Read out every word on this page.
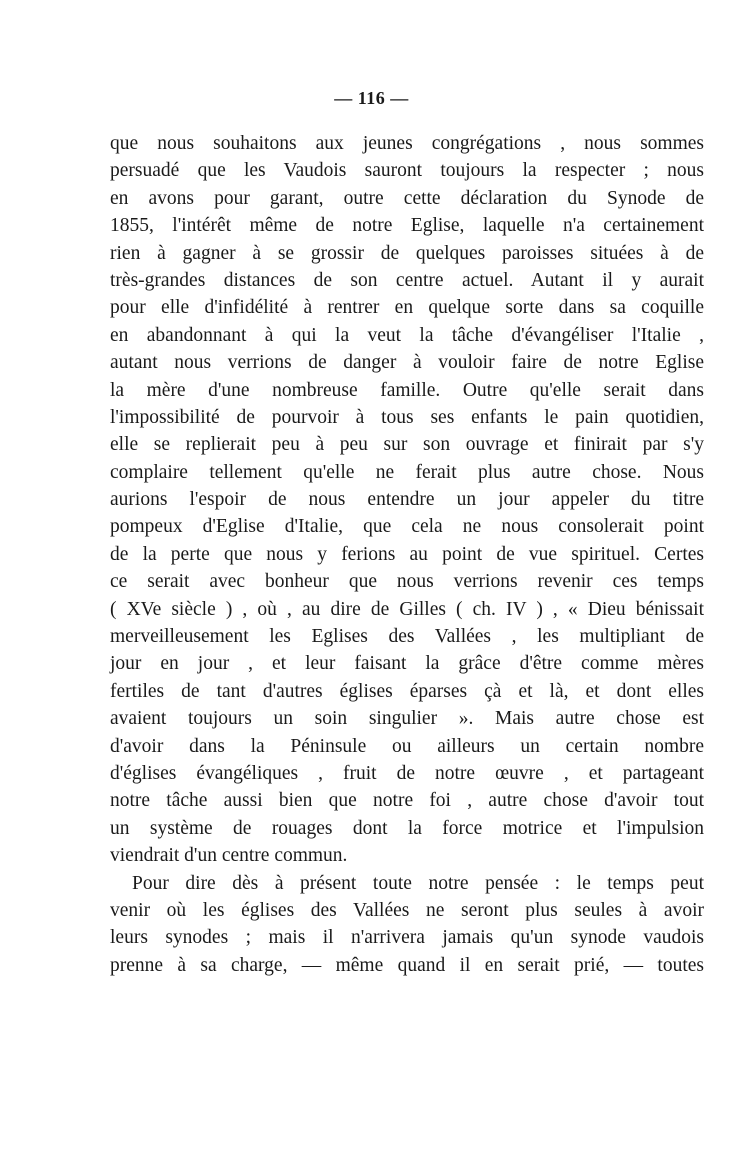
— 116 —
que nous souhaitons aux jeunes congrégations , nous sommes
persuadé que les Vaudois sauront toujours la respecter ; nous
en avons pour garant, outre cette déclaration du Synode de
1855, l'intérêt même de notre Eglise, laquelle n'a certainement
rien à gagner à se grossir de quelques paroisses situées à de
très-grandes distances de son centre actuel. Autant il y aurait
pour elle d'infidélité à rentrer en quelque sorte dans sa coquille
en abandonnant à qui la veut la tâche d'évangéliser l'Italie ,
autant nous verrions de danger à vouloir faire de notre Eglise
la mère d'une nombreuse famille. Outre qu'elle serait dans
l'impossibilité de pourvoir à tous ses enfants le pain quotidien,
elle se replierait peu à peu sur son ouvrage et finirait par s'y
complaire tellement qu'elle ne ferait plus autre chose. Nous
aurions l'espoir de nous entendre un jour appeler du titre
pompeux d'Eglise d'Italie, que cela ne nous consolerait point
de la perte que nous y ferions au point de vue spirituel. Certes
ce serait avec bonheur que nous verrions revenir ces temps
( XVe siècle ) , où , au dire de Gilles ( ch. IV ) , « Dieu bénissait
merveilleusement les Eglises des Vallées , les multipliant de
jour en jour , et leur faisant la grâce d'être comme mères
fertiles de tant d'autres églises éparses çà et là, et dont elles
avaient toujours un soin singulier ». Mais autre chose est
d'avoir dans la Péninsule ou ailleurs un certain nombre
d'églises évangéliques , fruit de notre œuvre , et partageant
notre tâche aussi bien que notre foi , autre chose d'avoir tout
un système de rouages dont la force motrice et l'impulsion
viendrait d'un centre commun.
Pour dire dès à présent toute notre pensée : le temps peut
venir où les églises des Vallées ne seront plus seules à avoir
leurs synodes ; mais il n'arrivera jamais qu'un synode vaudois
prenne à sa charge, — même quand il en serait prié, — toutes
